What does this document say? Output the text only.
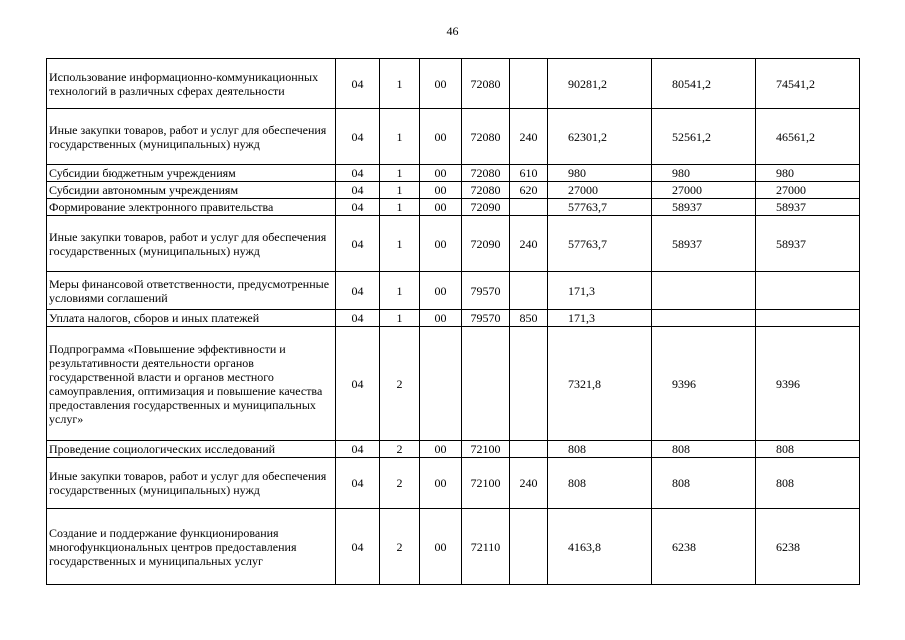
46
Использование информационно-коммуникационных технологий в различных сферах деятельности	04	1	00	72080		90281,2	80541,2	74541,2
Иные закупки товаров, работ и услуг для обеспечения государственных (муниципальных) нужд	04	1	00	72080	240	62301,2	52561,2	46561,2
Субсидии бюджетным учреждениям	04	1	00	72080	610	980	980	980
Субсидии автономным учреждениям	04	1	00	72080	620	27000	27000	27000
Формирование электронного правительства	04	1	00	72090		57763,7	58937	58937
Иные закупки товаров, работ и услуг для обеспечения государственных (муниципальных) нужд	04	1	00	72090	240	57763,7	58937	58937
Меры финансовой ответственности, предусмотренные условиями соглашений	04	1	00	79570		171,3		
Уплата налогов, сборов и иных платежей	04	1	00	79570	850	171,3		
Подпрограмма «Повышение эффективности и результативности деятельности органов государственной власти и органов местного самоуправления, оптимизация и повышение качества предоставления государственных и муниципальных услуг»	04	2				7321,8	9396	9396
Проведение социологических исследований	04	2	00	72100		808	808	808
Иные закупки товаров, работ и услуг для обеспечения государственных (муниципальных) нужд	04	2	00	72100	240	808	808	808
Создание и поддержание функционирования многофункциональных центров предоставления государственных и муниципальных услуг	04	2	00	72110		4163,8	6238	6238
